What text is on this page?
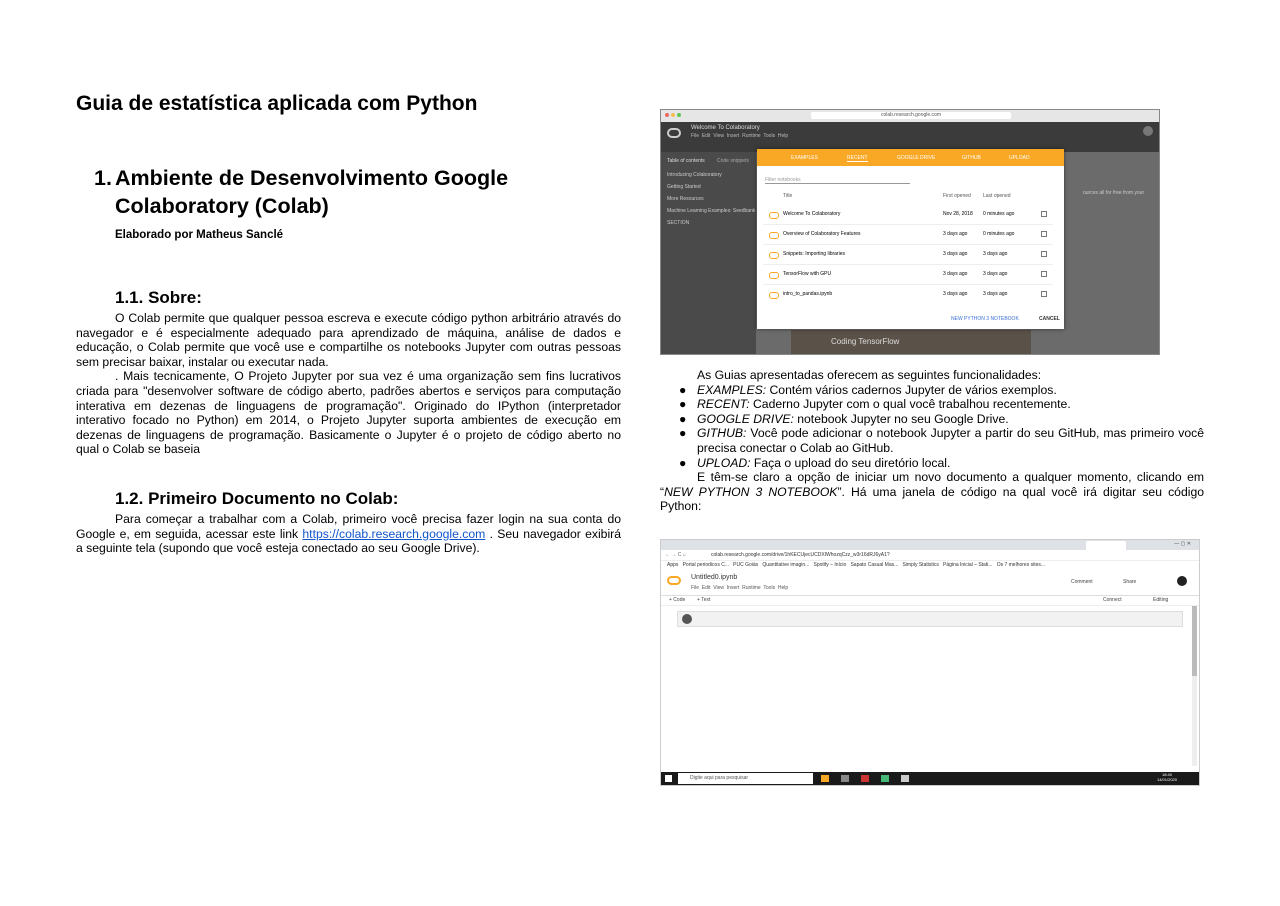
Guia de estatística aplicada com Python
1. Ambiente de Desenvolvimento Google Colaboratory (Colab)

Elaborado por Matheus Sanclé

1.1. Sobre:

O Colab permite que qualquer pessoa escreva e execute código python arbitrário através do navegador e é especialmente adequado para aprendizado de máquina, análise de dados e educação, o Colab permite que você use e compartilhe os notebooks Jupyter com outras pessoas sem precisar baixar, instalar ou executar nada.

. Mais tecnicamente, O Projeto Jupyter por sua vez é uma organização sem fins lucrativos criada para "desenvolver software de código aberto, padrões abertos e serviços para computação interativa em dezenas de linguagens de programação". Originado do IPython (interpretador interativo focado no Python) em 2014, o Projeto Jupyter suporta ambientes de execução em dezenas de linguagens de programação. Basicamente o Jupyter é o projeto de código aberto no qual o Colab se baseia

1.2. Primeiro Documento no Colab:

Para começar a trabalhar com a Colab, primeiro você precisa fazer login na sua conta do Google e, em seguida, acessar este link https://colab.research.google.com . Seu navegador exibirá a seguinte tela (supondo que você esteja conectado ao seu Google Drive).

colab.research.google.com
Welcome To Colaboratory
File Edit View Insert Runtime Tools Help
Table of contents Code snippets
Introducing Colaboratory
Getting Started
More Resources
Machine Learning Examples: Seedbank
SECTION
ources all for free from your
Coding TensorFlow
EXAMPLES	RECENT	GOOGLE DRIVE	GITHUB	UPLOAD
Filter notebooks
Title	First opened Last opened
Welcome To Colaboratory	Nov 28, 2018 0 minutes ago
Overview of Colaboratory Features	3 days ago	0 minutes ago
Snippets: Importing libraries	3 days ago	3 days ago
TensorFlow with GPU	3 days ago	3 days ago
intro_to_pandas.ipynb	3 days ago	3 days ago
NEW PYTHON 3 NOTEBOOK	CANCEL

As Guias apresentadas oferecem as seguintes funcionalidades:

● EXAMPLES: Contém vários cadernos Jupyter de vários exemplos.
● RECENT: Caderno Jupyter com o qual você trabalhou recentemente.
● GOOGLE DRIVE: notebook Jupyter no seu Google Drive.
● GITHUB: Você pode adicionar o notebook Jupyter a partir do seu GitHub, mas primeiro você precisa conectar o Colab ao GitHub.
● UPLOAD: Faça o upload do seu diretório local.

E têm-se claro a opção de iniciar um novo documento a qualquer momento, clicando em “NEW PYTHON 3 NOTEBOOK”. Há uma janela de código na qual você irá digitar seu código Python:

— ▢ ✕
← → C ⌂	colab.research.google.com/drive/1hKECUjecUCDXIWhozqCzz_w3r16dRJ6yA1?
Apps Portal periodicos C... PUC Goiás Quantitative imagin... Spotify – Início Sapato Casual Mas... Simply Statistics Página Inicial – Stati... Os 7 melhores sites...
Untitled0.ipynb
File Edit View Insert Runtime Tools Help
Comment	Share
+ Code + Text	Connect	Editing
Digite aqui para pesquisar
18:40
14/01/2020
